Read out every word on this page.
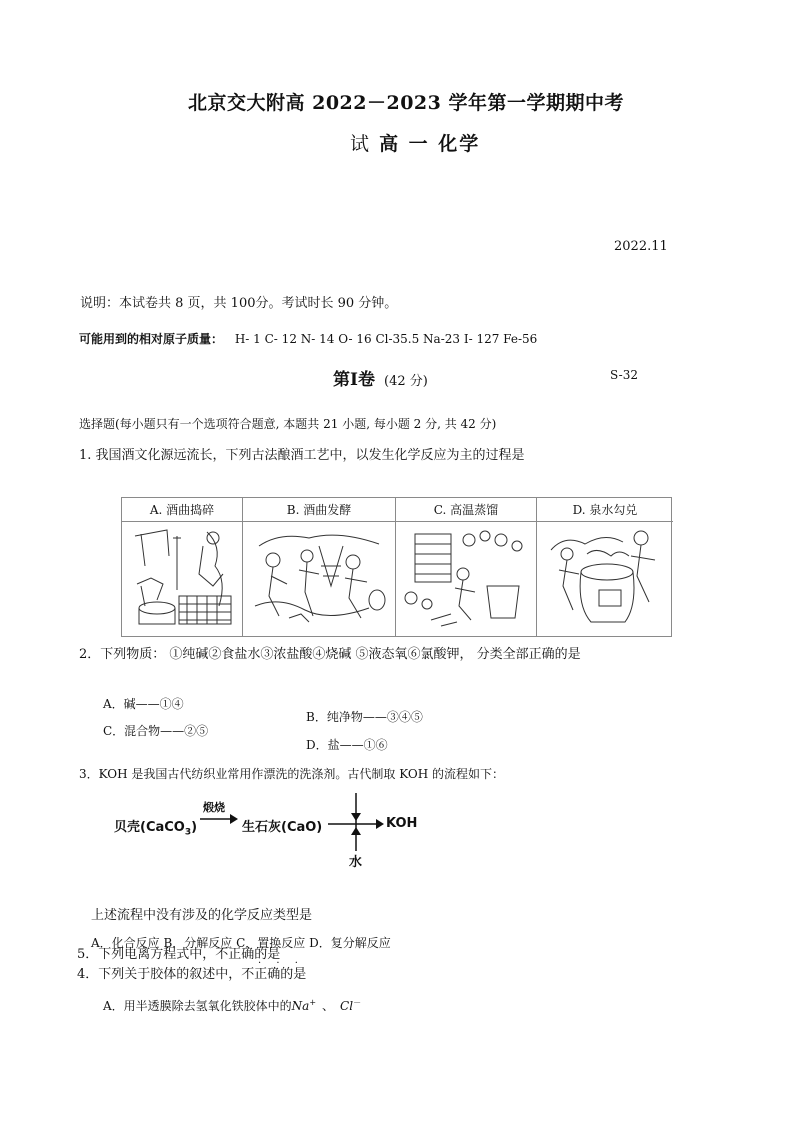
北京交大附高 2022－2023 学年第一学期期中考
试 高 一 化学
2022.11
说明：本试卷共 8 页，共 100分。考试时长 90 分钟。
可能用到的相对原子质量： H- 1 C- 12 N- 14 O- 16 Cl-35.5 Na-23 I- 127 Fe-56
第Ⅰ卷 (42 分)	S-32
选择题(每小题只有一个选项符合题意, 本题共 21 小题, 每小题 2 分, 共 42 分)
1. 我国酒文化源远流长，下列古法酿酒工艺中，以发生化学反应为主的过程是
A. 酒曲捣碎	B. 酒曲发酵	C. 高温蒸馏	D. 泉水勾兑
2．下列物质： ①纯碱②食盐水③浓盐酸④烧碱 ⑤液态氧⑥氯酸钾， 分类全部正确的是
A．碱——①④
B．纯净物——③④⑤
C．混合物——②⑤
D．盐——①⑥
3．KOH 是我国古代纺织业常用作漂洗的洗涤剂。古代制取 KOH 的流程如下：
贝壳(CaCO$_3$)
煅烧
生石灰(CaO)	KOH
水
上述流程中没有涉及的化学反应类型是
A．化合反应 B．分解反应 C．置换反应 D．复分解反应
5．下列电离方程式中，不正确的是
4．下列关于胶体的叙述中，不正确的是
· · ·
A．用半透膜除去氢氧化铁胶体中的Na+ 、 Cl－
